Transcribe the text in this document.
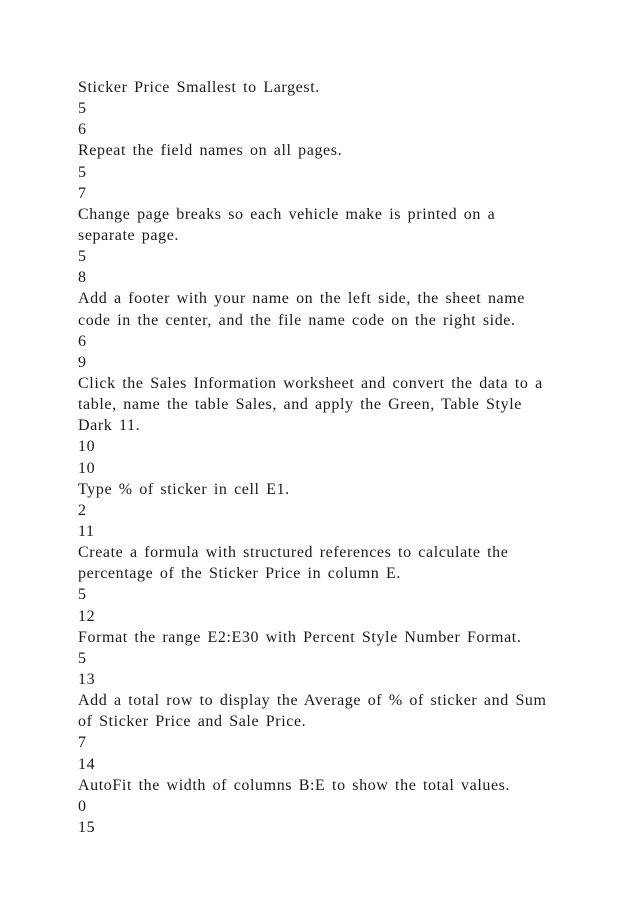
Sticker Price Smallest to Largest.
5
6
Repeat the field names on all pages.
5
7
Change page breaks so each vehicle make is printed on a
separate page.
5
8
Add a footer with your name on the left side, the sheet name
code in the center, and the file name code on the right side.
6
9
Click the Sales Information worksheet and convert the data to a
table, name the table Sales, and apply the Green, Table Style
Dark 11.
10
10
Type % of sticker in cell E1.
2
11
Create a formula with structured references to calculate the
percentage of the Sticker Price in column E.
5
12
Format the range E2:E30 with Percent Style Number Format.
5
13
Add a total row to display the Average of % of sticker and Sum
of Sticker Price and Sale Price.
7
14
AutoFit the width of columns B:E to show the total values.
0
15
